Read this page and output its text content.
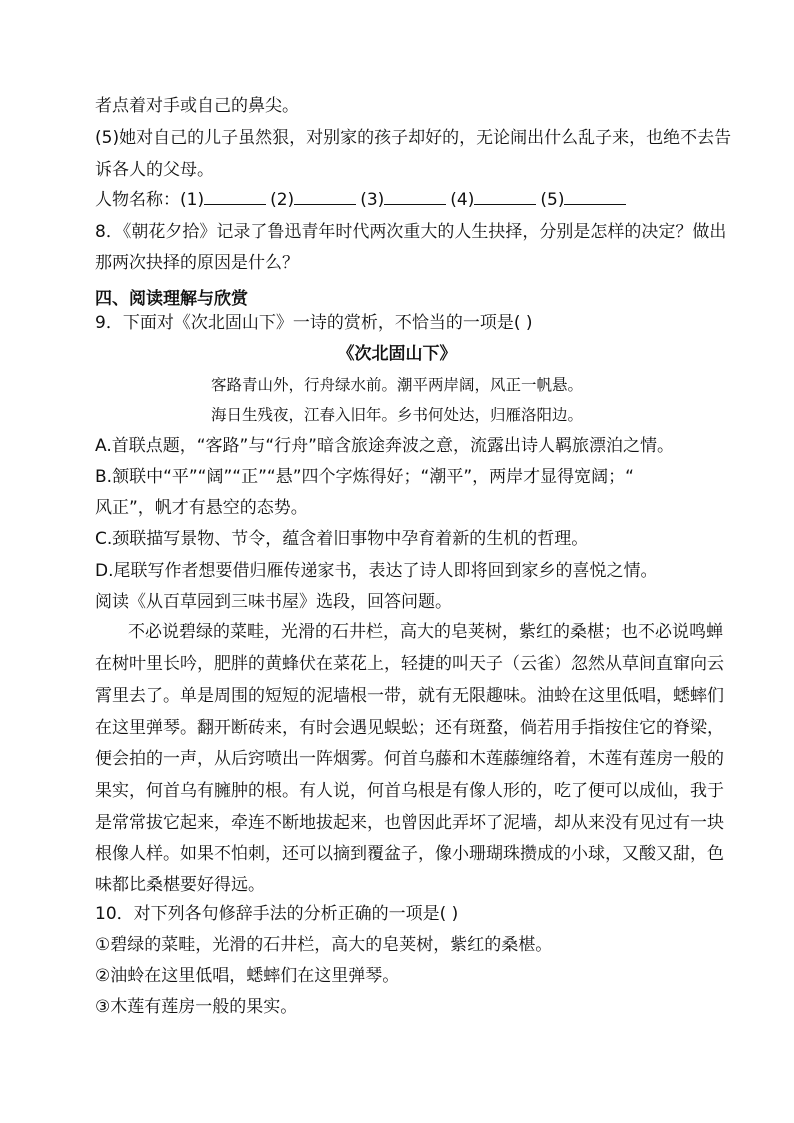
者点着对手或自己的鼻尖。
(5)她对自己的儿子虽然狠，对别家的孩子却好的，无论闹出什么乱子来，也绝不去告
诉各人的父母。
人物名称：(1)	(2)	(3)	(4)	(5)
8．《朝花夕拾》记录了鲁迅青年时代两次重大的人生抉择，分别是怎样的决定？做出
那两次抉择的原因是什么？
四、阅读理解与欣赏
9．下面对《次北固山下》一诗的赏析，不恰当的一项是( )
《次北固山下》
客路青山外，行舟绿水前。潮平两岸阔，风正一帆悬。
海日生残夜，江春入旧年。乡书何处达，归雁洛阳边。
A.首联点题，“客路”与“行舟”暗含旅途奔波之意，流露出诗人羁旅漂泊之情。
B.颔联中“平”“阔”“正”“悬”四个字炼得好；“潮平”，两岸才显得宽阔；“
风正”，帆才有悬空的态势。
C.颈联描写景物、节令，蕴含着旧事物中孕育着新的生机的哲理。
D.尾联写作者想要借归雁传递家书，表达了诗人即将回到家乡的喜悦之情。
阅读《从百草园到三味书屋》选段，回答问题。
不必说碧绿的菜畦，光滑的石井栏，高大的皂荚树，紫红的桑椹；也不必说鸣蝉
在树叶里长吟，肥胖的黄蜂伏在菜花上，轻捷的叫天子（云雀）忽然从草间直窜向云
霄里去了。单是周围的短短的泥墙根一带，就有无限趣味。油蛉在这里低唱，蟋蟀们
在这里弹琴。翻开断砖来，有时会遇见蜈蚣；还有斑蝥，倘若用手指按住它的脊梁，
便会拍的一声，从后窍喷出一阵烟雾。何首乌藤和木莲藤缠络着，木莲有莲房一般的
果实，何首乌有臃肿的根。有人说，何首乌根是有像人形的，吃了便可以成仙，我于
是常常拔它起来，牵连不断地拔起来，也曾因此弄坏了泥墙，却从来没有见过有一块
根像人样。如果不怕刺，还可以摘到覆盆子，像小珊瑚珠攒成的小球，又酸又甜，色
味都比桑椹要好得远。
10．对下列各句修辞手法的分析正确的一项是( )
①碧绿的菜畦，光滑的石井栏，高大的皂荚树，紫红的桑椹。
②油蛉在这里低唱，蟋蟀们在这里弹琴。
③木莲有莲房一般的果实。
